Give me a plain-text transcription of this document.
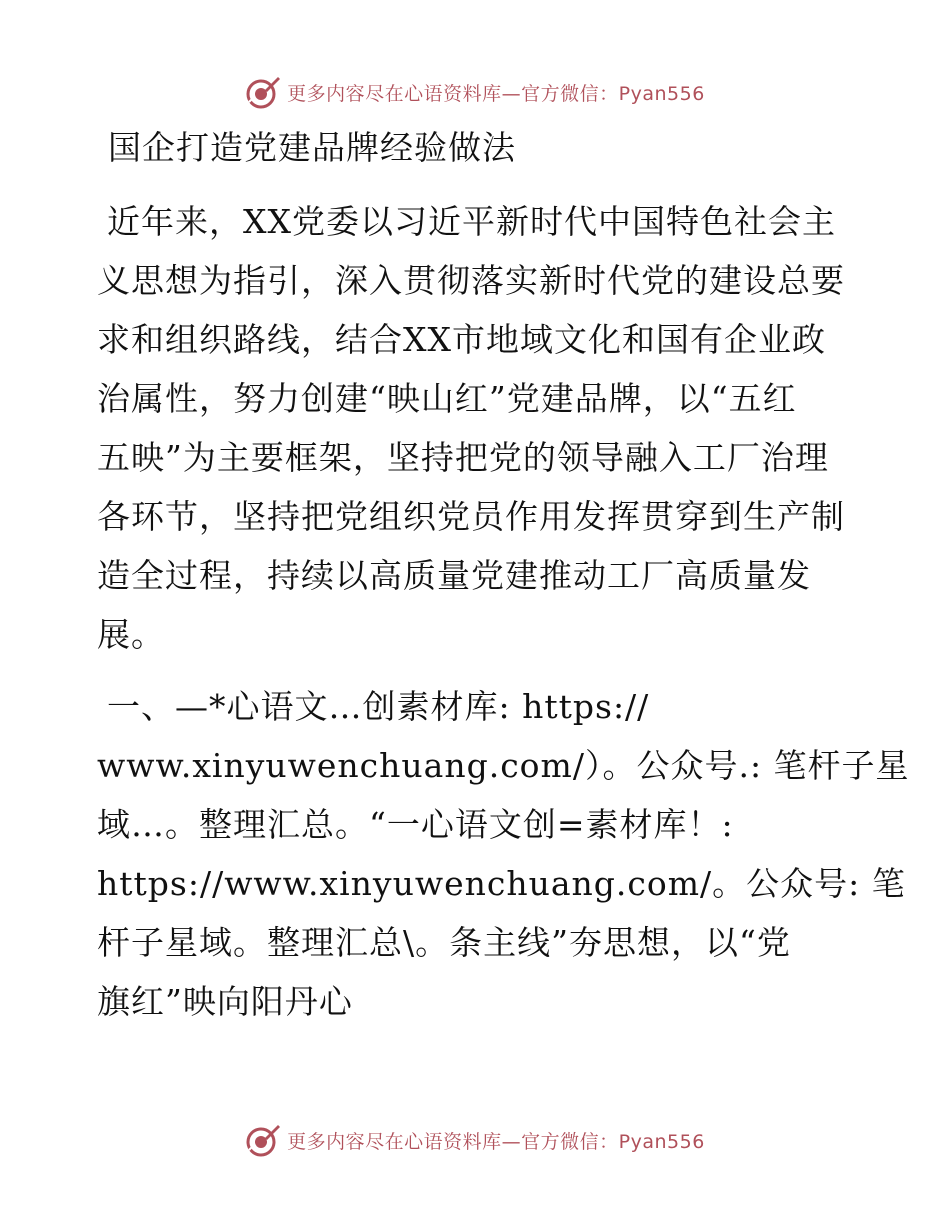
更多内容尽在心语资料库—官方微信：Pyan556
国企打造党建品牌经验做法
近年来，XX党委以习近平新时代中国特色社会主
义思想为指引，深入贯彻落实新时代党的建设总要
求和组织路线，结合XX市地域文化和国有企业政
治属性，努力创建“映山红”党建品牌，以“五红
五映”为主要框架，坚持把党的领导融入工厂治理
各环节，坚持把党组织党员作用发挥贯穿到生产制
造全过程，持续以高质量党建推动工厂高质量发
展。
一、—*心语文…创素材库: https://
www.xinyuwenchuang.com/）。公众号.: 笔杆子星
域…。整理汇总。“一心语文创=素材库！:
https://www.xinyuwenchuang.com/。公众号: 笔
杆子星域。整理汇总\。条主线”夯思想，以“党
旗红”映向阳丹心
更多内容尽在心语资料库—官方微信：Pyan556
